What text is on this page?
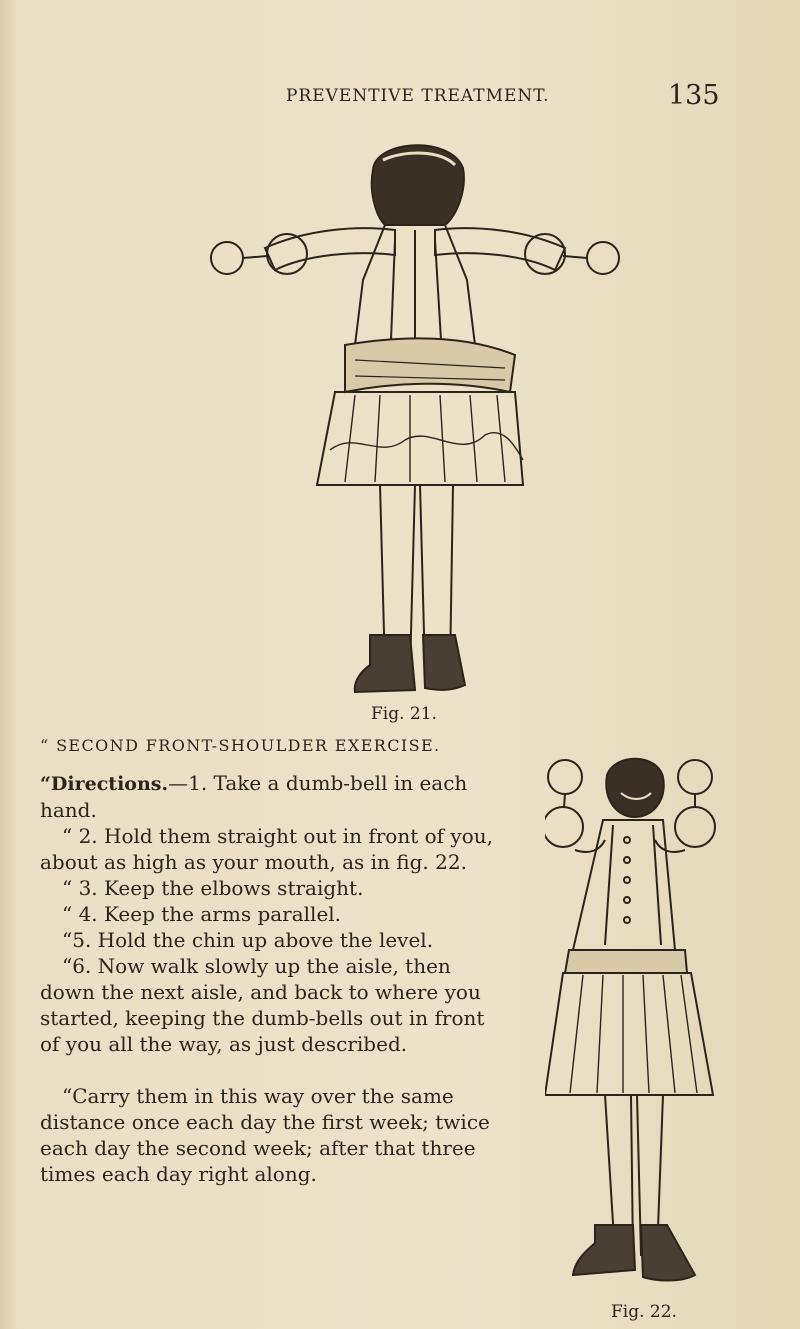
PREVENTIVE TREATMENT.	135
Fig. 21.
“ SECOND FRONT-SHOULDER EXERCISE.

“Directions.—1. Take a dumb-bell in each hand.

“ 2. Hold them straight out in front of you, about as high as your mouth, as in fig. 22.

“ 3. Keep the elbows straight.

“ 4. Keep the arms parallel.

“5. Hold the chin up above the level.

“6. Now walk slowly up the aisle, then down the next aisle, and back to where you started, keeping the dumb-bells out in front of you all the way, as just described.

“Carry them in this way over the same distance once each day the first week; twice each day the second week; after that three times each day right along.

Fig. 22.
